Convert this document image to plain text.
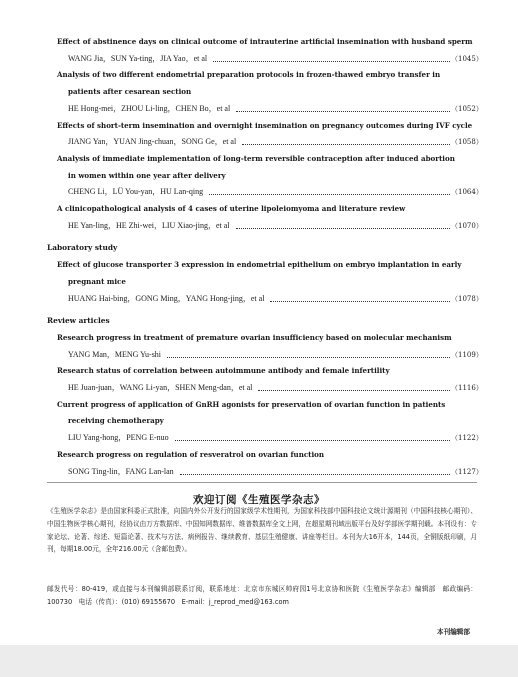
Effect of abstinence days on clinical outcome of intrauterine artificial insemination with husband sperm
WANG Jia，SUN Ya-ting，JIA Yao，et al	（1045）
Analysis of two different endometrial preparation protocols in frozen-thawed embryo transfer in
patients after cesarean section
HE Hong-mei，ZHOU Li-ling，CHEN Bo，et al	（1052）
Effects of short-term insemination and overnight insemination on pregnancy outcomes during IVF cycle
JIANG Yan，YUAN Jing-chuan，SONG Ge，et al	（1058）
Analysis of immediate implementation of long-term reversible contraception after induced abortion
in women within one year after delivery
CHENG Li，LÜ You-yan，HU Lan-qing	（1064）
A clinicopathological analysis of 4 cases of uterine lipoleiomyoma and literature review
HE Yan-ling，HE Zhi-wei，LIU Xiao-jing，et al	（1070）
Laboratory study
Effect of glucose transporter 3 expression in endometrial epithelium on embryo implantation in early
pregnant mice
HUANG Hai-bing，GONG Ming，YANG Hong-jing，et al	（1078）
Review articles
Research progress in treatment of premature ovarian insufficiency based on molecular mechanism
YANG Man，MENG Yu-shi	（1109）
Research status of correlation between autoimmune antibody and female infertility
HE Juan-juan，WANG Li-yan，SHEN Meng-dan，et al	（1116）
Current progress of application of GnRH agonists for preservation of ovarian function in patients
receiving chemotherapy
LIU Yang-hong，PENG E-nuo	（1122）
Research progress on regulation of resveratrol on ovarian function
SONG Ting-lin，FANG Lan-lan	（1127）
欢迎订阅《生殖医学杂志》
《生殖医学杂志》是由国家科委正式批准，向国内外公开发行的国家级学术性期刊，为国家科技部中国科技论文统计源期刊（中国科技核心期刊）、中国生物医学核心期刊，经协议由万方数据库、中国知网数据库、维普数据库全文上网，在超星期刊域出版平台及好学部医学期刊载。本刊设有：专家论坛、论著、综述、短篇论著、技术与方法、病例报告、继续教育、基层生殖健康、讲座等栏目。本刊为大16开本，144页，全铜版纸印刷，月刊，每期18.00元，全年216.00元（含邮包费）。
邮发代号：80-419，或直接与本刊编辑部联系订阅，联系地址：北京市东城区帅府园1号北京协和医院《生殖医学杂志》编辑部　邮政编码：100730　电话（传真）：(010) 69155670　E-mail：j_reprod_med@163.com
本刊编辑部
